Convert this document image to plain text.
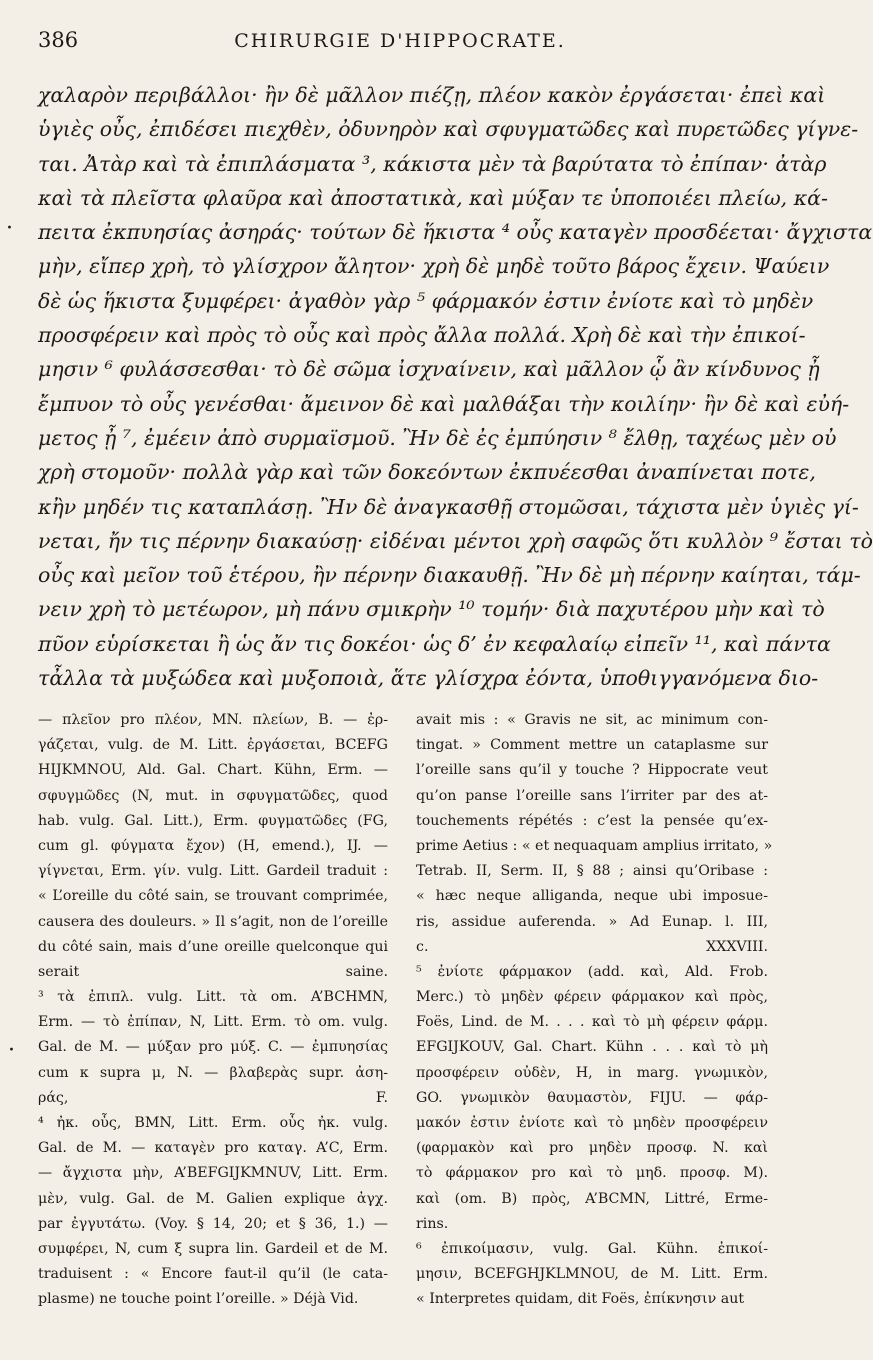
386	CHIRURGIE D'HIPPOCRATE.
·
·
χαλαρὸν περιβάλλοι· ἢν δὲ μᾶλλον πιέζῃ, πλέον κακὸν ἐργάσεται· ἐπεὶ καὶ
ὑγιὲς οὖς, ἐπιδέσει πιεχθὲν, ὀδυνηρὸν καὶ σφυγματῶδες καὶ πυρετῶδες γίγνε-
ται. Ἀτὰρ καὶ τὰ ἐπιπλάσματα ³, κάκιστα μὲν τὰ βαρύτατα τὸ ἐπίπαν· ἀτὰρ
καὶ τὰ πλεῖστα φλαῦρα καὶ ἀποστατικὰ, καὶ μύξαν τε ὑποποιέει πλείω, κά-
πειτα ἐκπυησίας ἀσηράς· τούτων δὲ ἥκιστα ⁴ οὖς καταγὲν προσδέεται· ἄγχιστα
μὴν, εἴπερ χρὴ, τὸ γλίσχρον ἄλητον· χρὴ δὲ μηδὲ τοῦτο βάρος ἔχειν. Ψαύειν
δὲ ὡς ἥκιστα ξυμφέρει· ἀγαθὸν γὰρ ⁵ φάρμακόν ἐστιν ἐνίοτε καὶ τὸ μηδὲν
προσφέρειν καὶ πρὸς τὸ οὖς καὶ πρὸς ἄλλα πολλά. Χρὴ δὲ καὶ τὴν ἐπικοί-
μησιν ⁶ φυλάσσεσθαι· τὸ δὲ σῶμα ἰσχναίνειν, καὶ μᾶλλον ᾧ ἂν κίνδυνος ᾖ
ἔμπυον τὸ οὖς γενέσθαι· ἄμεινον δὲ καὶ μαλθάξαι τὴν κοιλίην· ἢν δὲ καὶ εὐή-
μετος ᾖ ⁷, ἐμέειν ἀπὸ συρμαϊσμοῦ. Ἢν δὲ ἐς ἐμπύησιν ⁸ ἔλθῃ, ταχέως μὲν οὐ
χρὴ στομοῦν· πολλὰ γὰρ καὶ τῶν δοκεόντων ἐκπυέεσθαι ἀναπίνεται ποτε,
κἢν μηδέν τις καταπλάσῃ. Ἢν δὲ ἀναγκασθῇ στομῶσαι, τάχιστα μὲν ὑγιὲς γί-
νεται, ἤν τις πέρνην διακαύσῃ· εἰδέναι μέντοι χρὴ σαφῶς ὅτι κυλλὸν ⁹ ἔσται τὸ
οὖς καὶ μεῖον τοῦ ἑτέρου, ἢν πέρνην διακαυθῇ. Ἢν δὲ μὴ πέρνην καίηται, τάμ-
νειν χρὴ τὸ μετέωρον, μὴ πάνυ σμικρὴν ¹⁰ τομήν· διὰ παχυτέρου μὴν καὶ τὸ
πῦον εὑρίσκεται ἢ ὡς ἄν τις δοκέοι· ὡς δ’ ἐν κεφαλαίῳ εἰπεῖν ¹¹, καὶ πάντα
τἆλλα τὰ μυξώδεα καὶ μυξοποιὰ, ἅτε γλίσχρα ἐόντα, ὑποθιγγανόμενα διο-
— πλεῖον pro πλέον, MN. πλείων, B. — ἐρ-
γάζεται, vulg. de M. Litt. ἐργάσεται, BCEFG
HIJKMNOU, Ald. Gal. Chart. Kühn, Erm. —
σφυγμῶδες (N, mut. in σφυγματῶδες, quod
hab. vulg. Gal. Litt.), Erm. φυγματῶδες (FG,
cum gl. φύγματα ἔχον) (H, emend.), IJ. —
γίγνεται, Erm. γίν. vulg. Litt. Gardeil traduit :
« L’oreille du côté sain, se trouvant comprimée,
causera des douleurs. » Il s’agit, non de l’oreille
du côté sain, mais d’une oreille quelconque qui
serait saine.
³ τὰ ἐπιπλ. vulg. Litt. τὰ om. A’BCHMN,
Erm. — τὸ ἐπίπαν, N, Litt. Erm. τὸ om. vulg.
Gal. de M. — μύξαν pro μύξ. C. — ἐμπυησίας
cum κ supra μ, N. — βλαβερὰς supr. ἀση-
ράς, F.
⁴ ἠκ. οὖς, BMN, Litt. Erm. οὖς ἠκ. vulg.
Gal. de M. — καταγὲν pro καταγ. A’C, Erm.
— ἄγχιστα μὴν, A’BEFGIJKMNUV, Litt. Erm.
μὲν, vulg. Gal. de M. Galien explique ἀγχ.
par ἐγγυτάτω. (Voy. § 14, 20; et § 36, 1.) —
συμφέρει, N, cum ξ supra lin. Gardeil et de M.
traduisent : « Encore faut-il qu’il (le cata-
plasme) ne touche point l’oreille. » Déjà Vid.
avait mis : « Gravis ne sit, ac minimum con-
tingat. » Comment mettre un cataplasme sur
l’oreille sans qu’il y touche ? Hippocrate veut
qu’on panse l’oreille sans l’irriter par des at-
touchements répétés : c’est la pensée qu’ex-
prime Aetius : « et nequaquam amplius irritato, »
Tetrab. II, Serm. II, § 88 ; ainsi qu’Oribase :
« hæc neque alliganda, neque ubi imposue-
ris, assidue auferenda. » Ad Eunap. l. III,
c. XXXVIII.
⁵ ἐνίοτε φάρμακον (add. καὶ, Ald. Frob.
Merc.) τὸ μηδὲν φέρειν φάρμακον καὶ πρὸς,
Foës, Lind. de M. . . . καὶ τὸ μὴ φέρειν φάρμ.
EFGIJKOUV, Gal. Chart. Kühn . . . καὶ τὸ μὴ
προσφέρειν οὐδὲν, H, in marg. γνωμικὸν,
GO. γνωμικὸν θαυμαστὸν, FIJU. — φάρ-
μακόν ἐστιν ἐνίοτε καὶ τὸ μηδὲν προσφέρειν
(φαρμακὸν καὶ pro μηδὲν προσφ. N. καὶ
τὸ φάρμακον pro καὶ τὸ μηδ. προσφ. M).
καὶ (om. B) πρὸς, A’BCMN, Littré, Erme-
rins.
⁶ ἐπικοίμασιν, vulg. Gal. Kühn. ἐπικοί-
μησιν, BCEFGHJKLMNOU, de M. Litt. Erm.
« Interpretes quidam, dit Foës, ἐπίκνησιν aut
